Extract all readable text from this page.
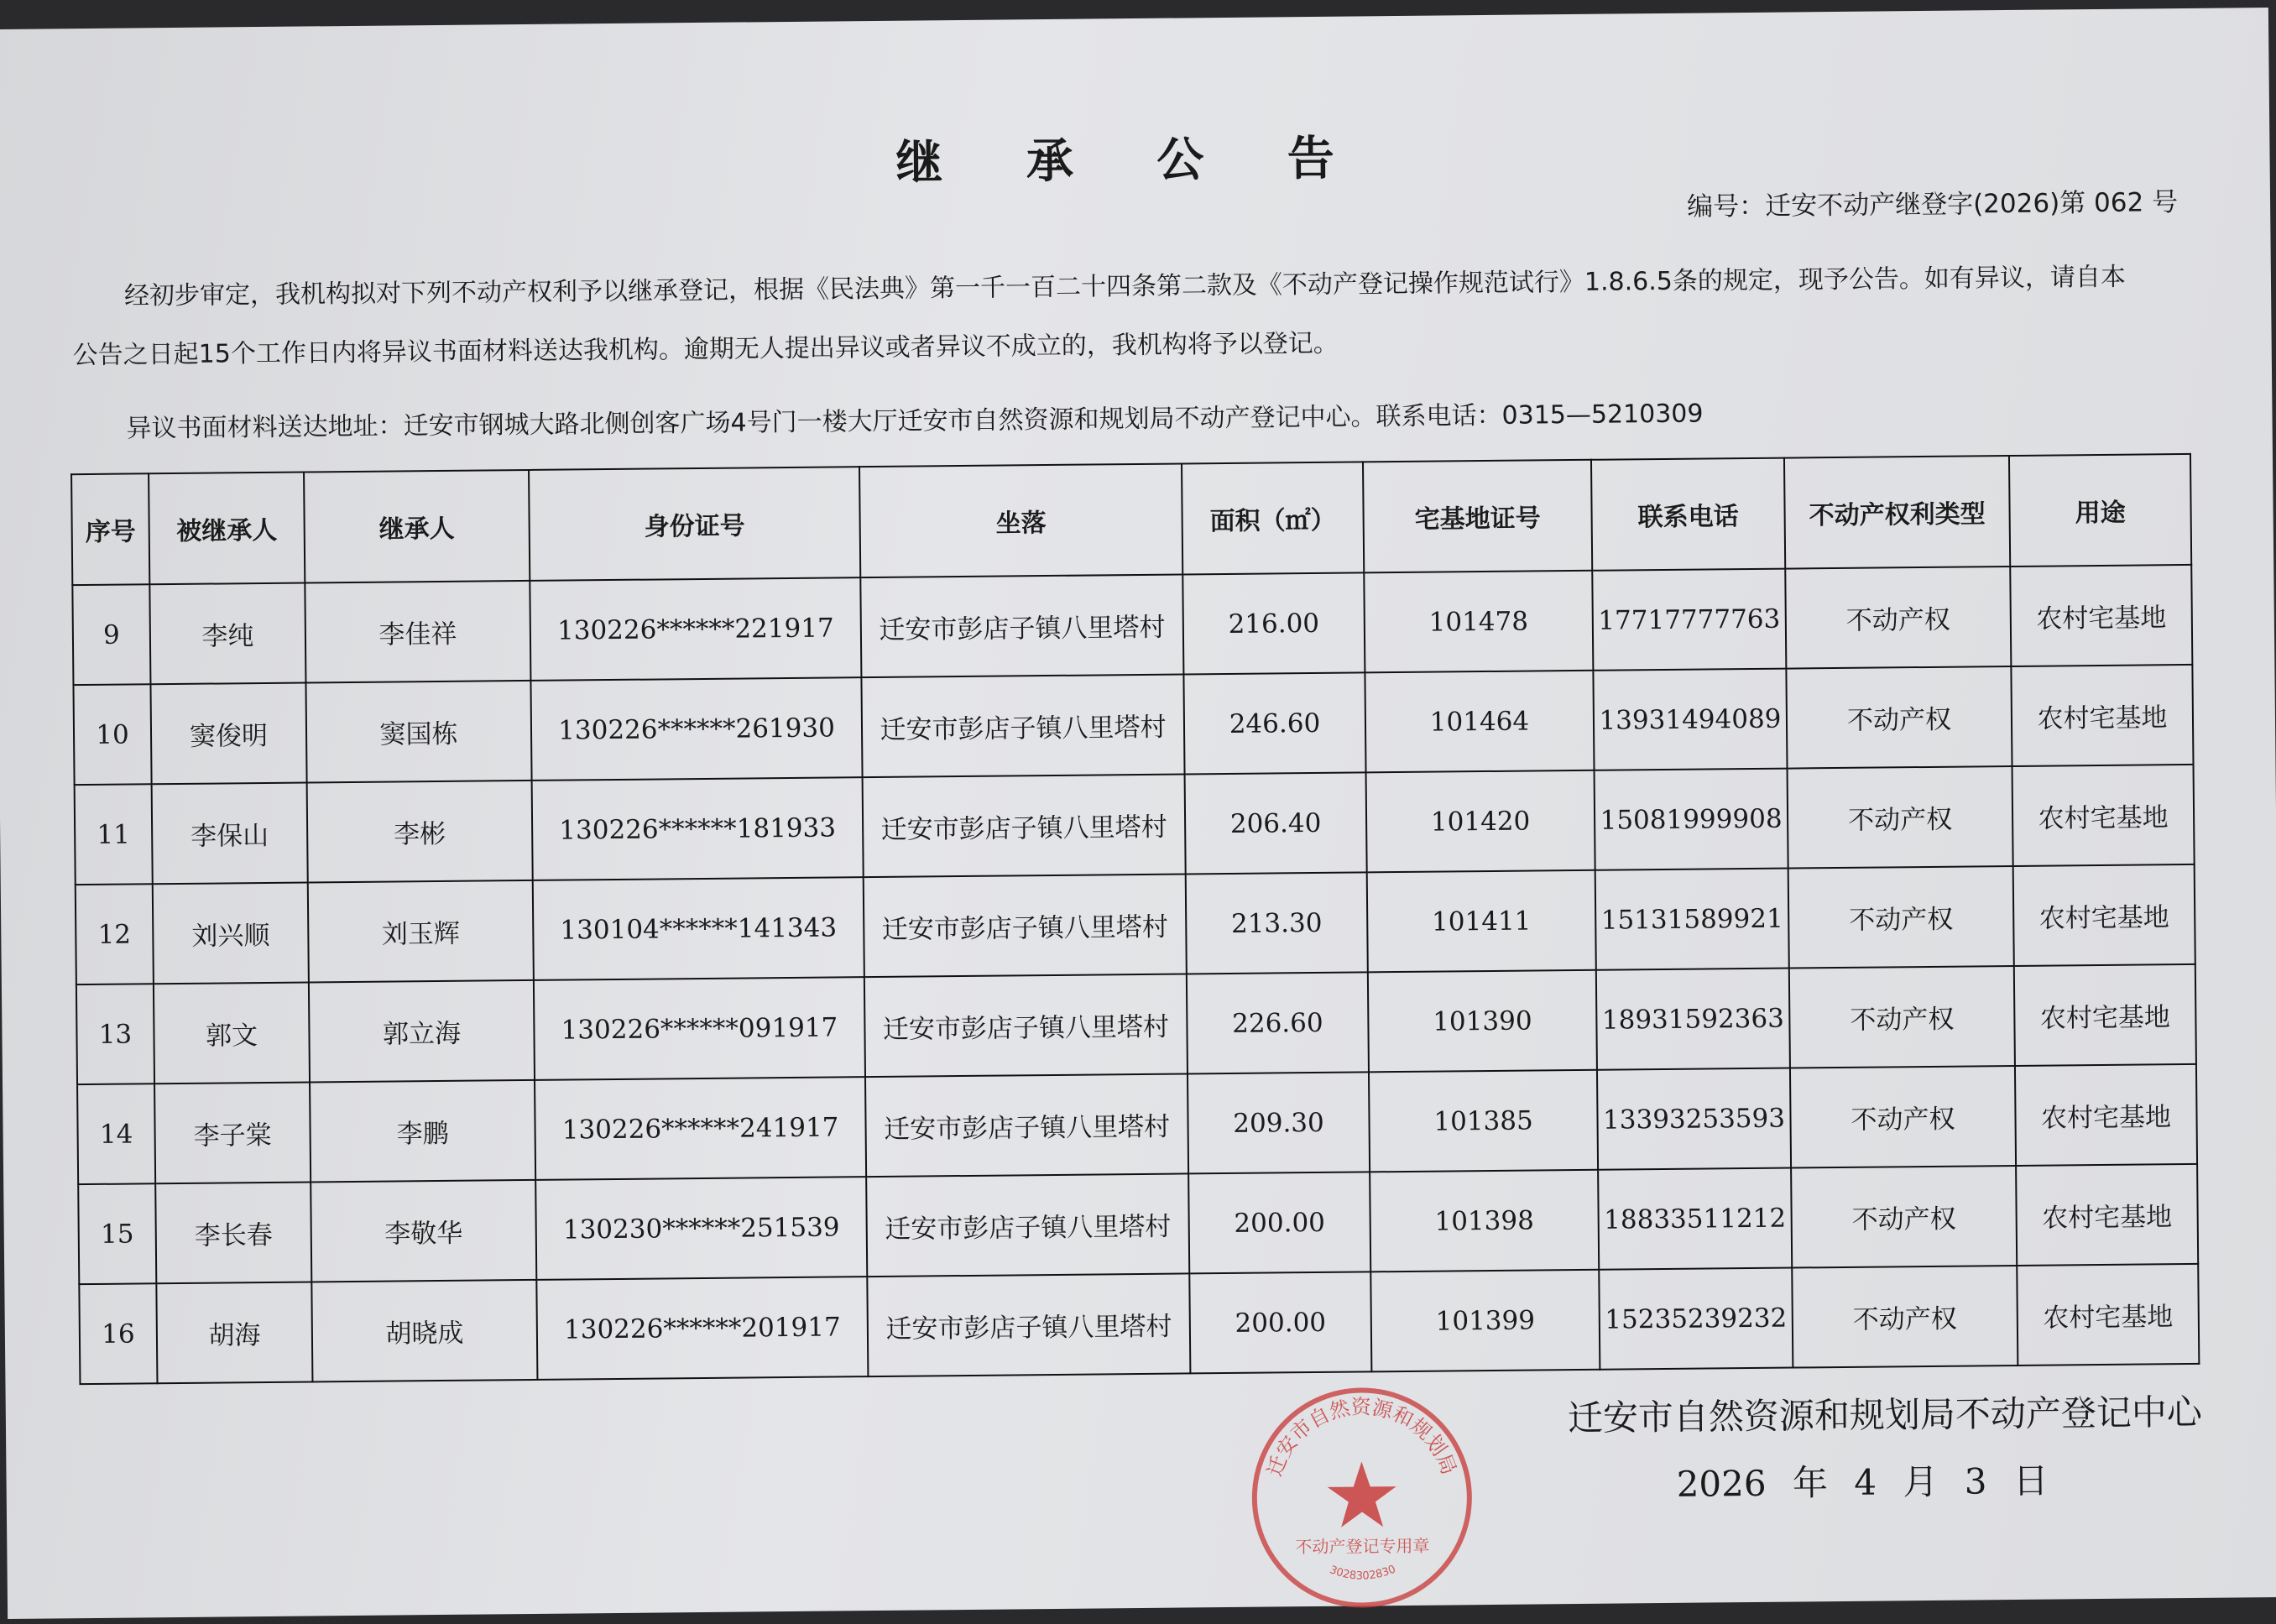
继 承 公 告
编号：迁安不动产继登字(2026)第 062 号
经初步审定，我机构拟对下列不动产权利予以继承登记，根据《民法典》第一千一百二十四条第二款及《不动产登记操作规范试行》1.8.6.5条的规定，现予公告。如有异议，请自本公告之日起15个工作日内将异议书面材料送达我机构。逾期无人提出异议或者异议不成立的，我机构将予以登记。
异议书面材料送达地址：迁安市钢城大路北侧创客广场4号门一楼大厅迁安市自然资源和规划局不动产登记中心。联系电话：0315—5210309
序号	被继承人	继承人	身份证号	坐落	面积（㎡）	宅基地证号	联系电话	不动产权利类型	用途
9	李纯	李佳祥	130226******221917	迁安市彭店子镇八里塔村	216.00	101478	17717777763	不动产权	农村宅基地
10	窦俊明	窦国栋	130226******261930	迁安市彭店子镇八里塔村	246.60	101464	13931494089	不动产权	农村宅基地
11	李保山	李彬	130226******181933	迁安市彭店子镇八里塔村	206.40	101420	15081999908	不动产权	农村宅基地
12	刘兴顺	刘玉辉	130104******141343	迁安市彭店子镇八里塔村	213.30	101411	15131589921	不动产权	农村宅基地
13	郭文	郭立海	130226******091917	迁安市彭店子镇八里塔村	226.60	101390	18931592363	不动产权	农村宅基地
14	李子棠	李鹏	130226******241917	迁安市彭店子镇八里塔村	209.30	101385	13393253593	不动产权	农村宅基地
15	李长春	李敬华	130230******251539	迁安市彭店子镇八里塔村	200.00	101398	18833511212	不动产权	农村宅基地
16	胡海	胡晓成	130226******201917	迁安市彭店子镇八里塔村	200.00	101399	15235239232	不动产权	农村宅基地
迁安市自然资源和规划局
不动产登记专用章
3028302830
迁安市自然资源和规划局不动产登记中心
2026 年 4 月 3 日
